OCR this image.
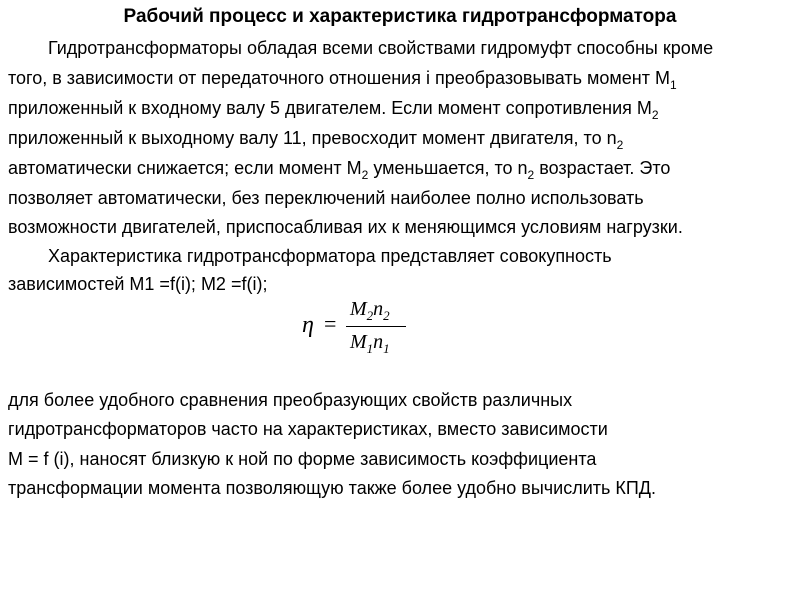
Рабочий процесс и характеристика гидротрансформатора
Гидротрансформаторы обладая всеми свойствами гидромуфт способны кроме
того, в зависимости от передаточного отношения i преобразовывать момент $М_1$
приложенный к входному валу 5 двигателем. Если момент сопротивления $М_2$
приложенный к выходному валу 11, превосходит момент двигателя, то $n_2$
автоматически снижается; если момент $М_2$ уменьшается, то $n_2$ возрастает. Это
позволяет автоматически, без переключений наиболее полно использовать
возможности двигателей, приспосабливая их к меняющимся условиям нагрузки.
Характеристика гидротрансформатора представляет совокупность
зависимостей М1 =f(i); М2 =f(i);
η =
$M_2n_2$
$M_1n_1$
для более удобного сравнения преобразующих свойств различных
гидротрансформаторов часто на характеристиках, вместо зависимости
М = f (i), наносят близкую к ной по форме зависимость коэффициента
трансформации момента позволяющую также более удобно вычислить КПД.
